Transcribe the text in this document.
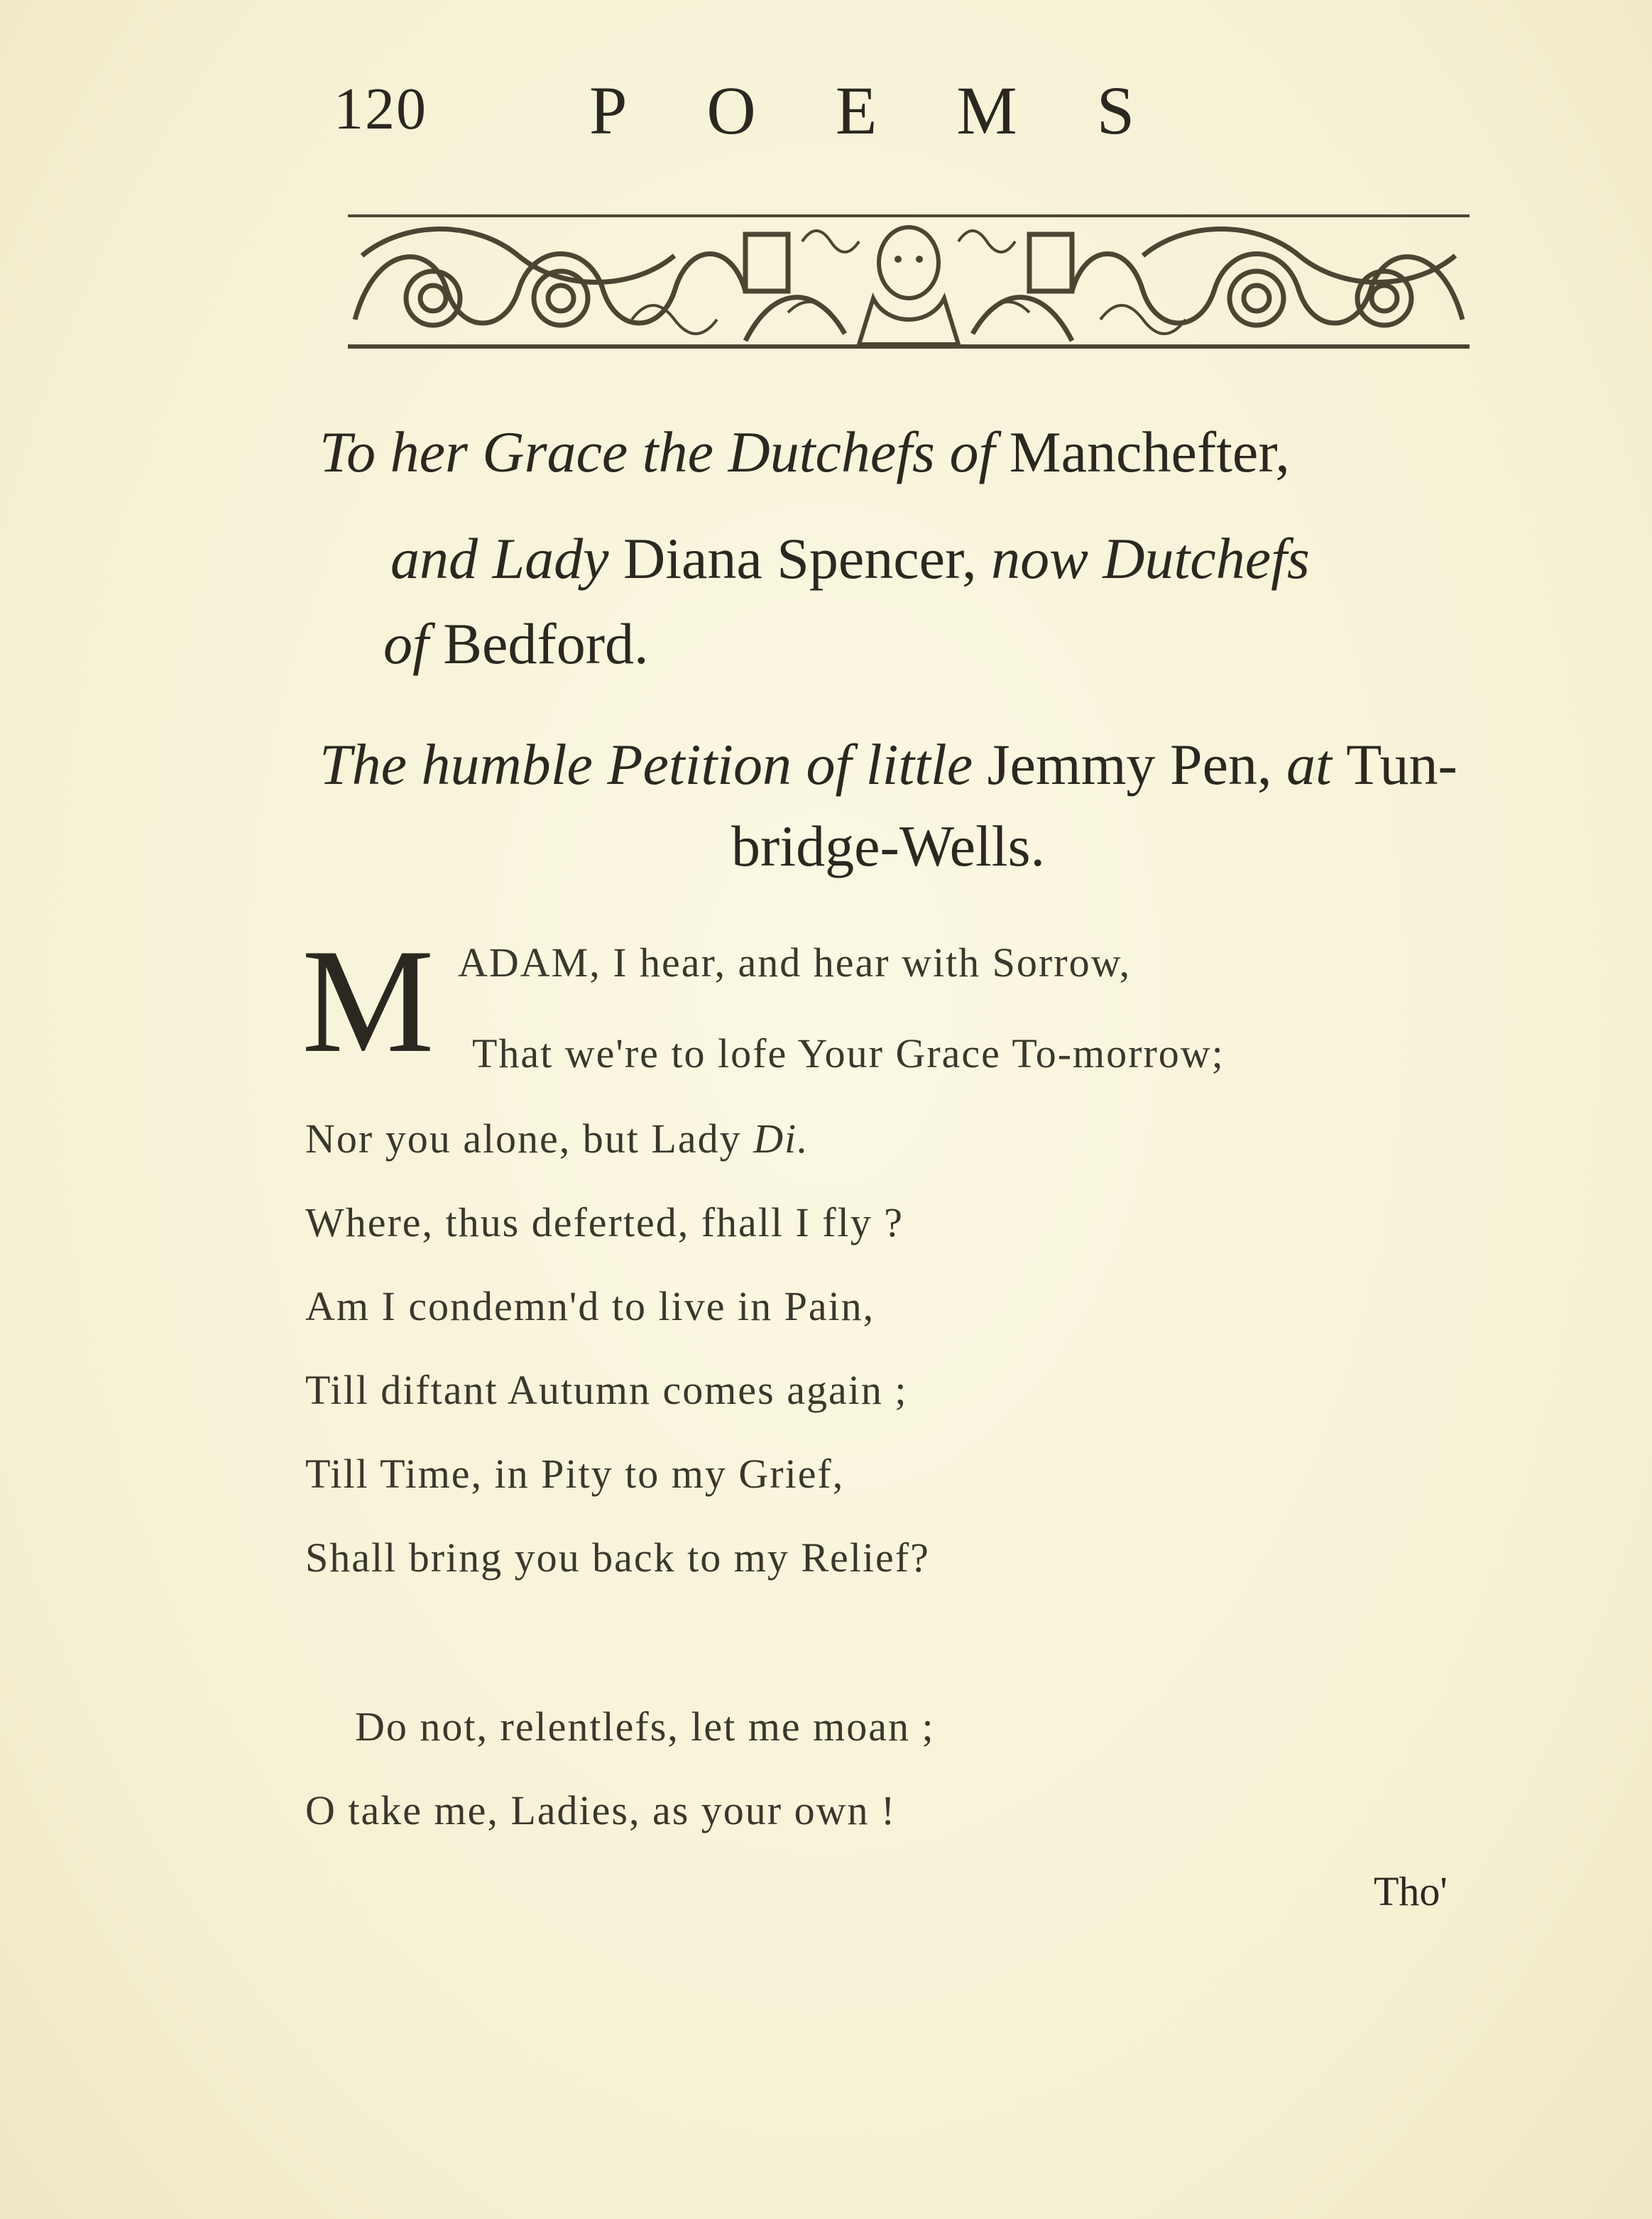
120 POEMS
To her Grace the Dutchefs of Manchefter,
and Lady Diana Spencer, now Dutchefs
of Bedford.
The humble Petition of little Jemmy Pen, at Tun-
bridge-Wells.
M ADAM, I hear, and hear with Sorrow,
That we're to lofe Your Grace To-morrow;
Nor you alone, but Lady Di.
Where, thus deferted, fhall I fly ?
Am I condemn'd to live in Pain,
Till diftant Autumn comes again ;
Till Time, in Pity to my Grief,
Shall bring you back to my Relief?
Do not, relentlefs, let me moan ;
O take me, Ladies, as your own !
Tho'
